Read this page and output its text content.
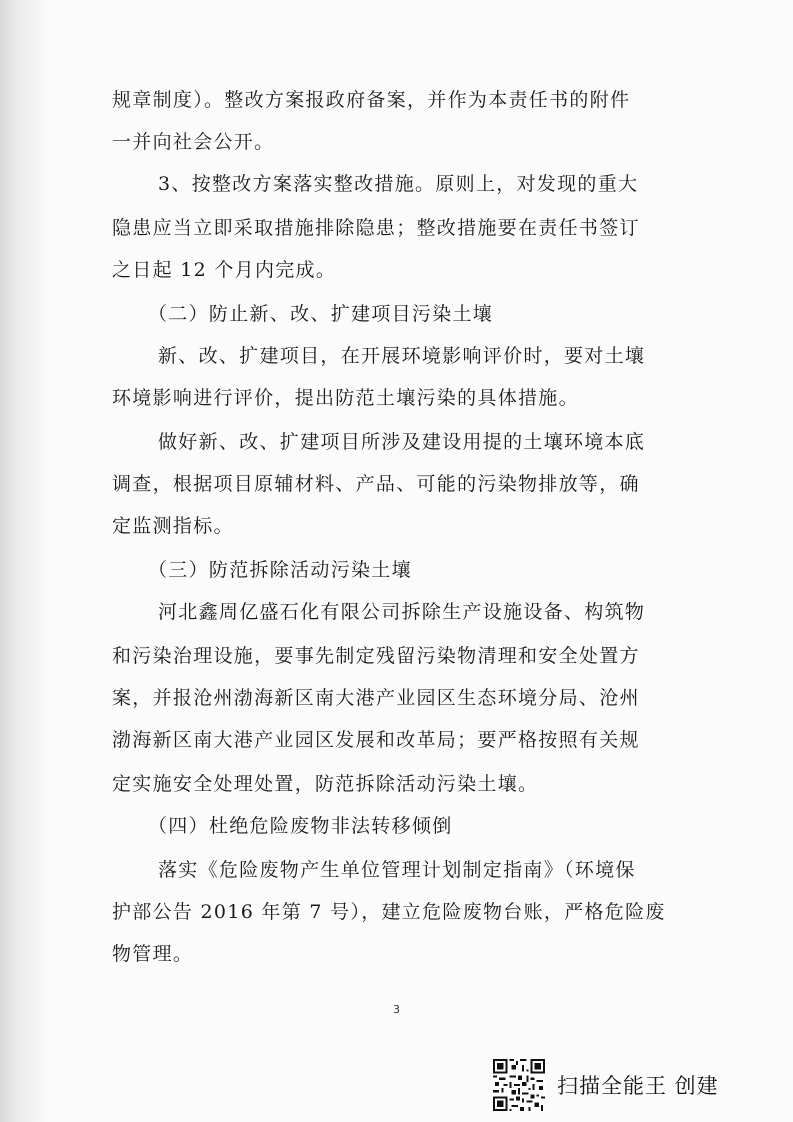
规章制度）。整改方案报政府备案，并作为本责任书的附件
一并向社会公开。
3、按整改方案落实整改措施。原则上，对发现的重大
隐患应当立即采取措施排除隐患；整改措施要在责任书签订
之日起 12 个月内完成。
（二）防止新、改、扩建项目污染土壤
新、改、扩建项目，在开展环境影响评价时，要对土壤
环境影响进行评价，提出防范土壤污染的具体措施。
做好新、改、扩建项目所涉及建设用提的土壤环境本底
调查，根据项目原辅材料、产品、可能的污染物排放等，确
定监测指标。
（三）防范拆除活动污染土壤
河北鑫周亿盛石化有限公司拆除生产设施设备、构筑物
和污染治理设施，要事先制定残留污染物清理和安全处置方
案，并报沧州渤海新区南大港产业园区生态环境分局、沧州
渤海新区南大港产业园区发展和改革局；要严格按照有关规
定实施安全处理处置，防范拆除活动污染土壤。
（四）杜绝危险废物非法转移倾倒
落实《危险废物产生单位管理计划制定指南》（环境保
护部公告 2016 年第 7 号），建立危险废物台账，严格危险废
物管理。
3
扫描全能王 创建
